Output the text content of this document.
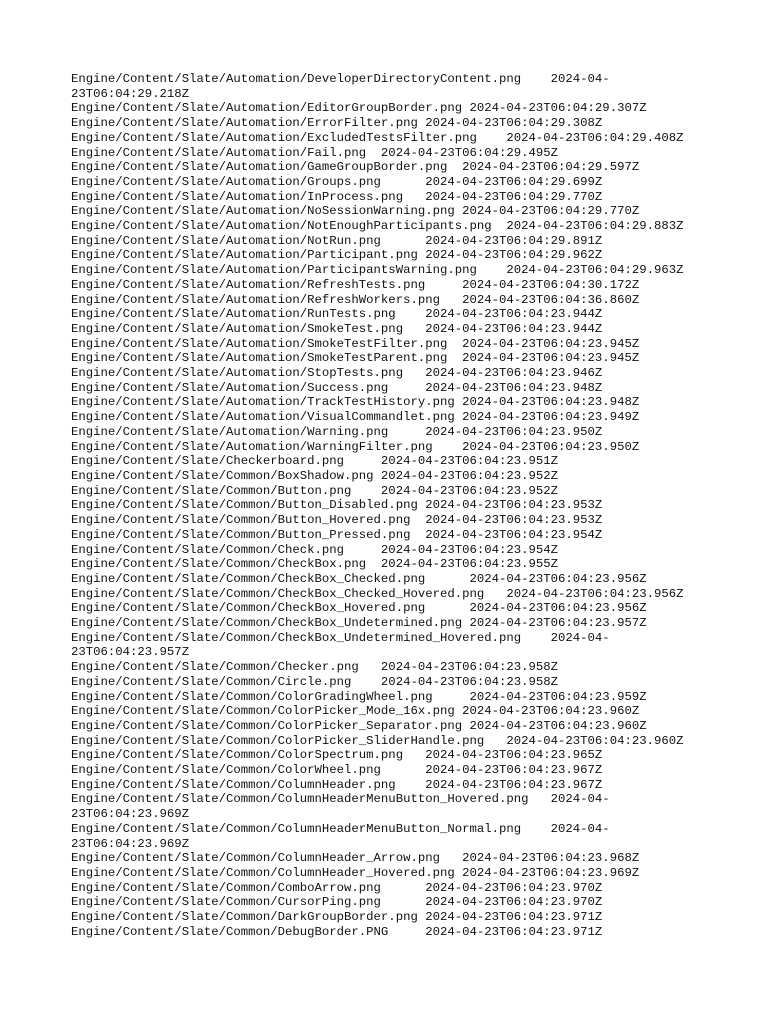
Engine/Content/Slate/Automation/DeveloperDirectoryContent.png    2024-04-
23T06:04:29.218Z
Engine/Content/Slate/Automation/EditorGroupBorder.png 2024-04-23T06:04:29.307Z
Engine/Content/Slate/Automation/ErrorFilter.png 2024-04-23T06:04:29.308Z
Engine/Content/Slate/Automation/ExcludedTestsFilter.png    2024-04-23T06:04:29.408Z
Engine/Content/Slate/Automation/Fail.png  2024-04-23T06:04:29.495Z
Engine/Content/Slate/Automation/GameGroupBorder.png  2024-04-23T06:04:29.597Z
Engine/Content/Slate/Automation/Groups.png      2024-04-23T06:04:29.699Z
Engine/Content/Slate/Automation/InProcess.png   2024-04-23T06:04:29.770Z
Engine/Content/Slate/Automation/NoSessionWarning.png 2024-04-23T06:04:29.770Z
Engine/Content/Slate/Automation/NotEnoughParticipants.png  2024-04-23T06:04:29.883Z
Engine/Content/Slate/Automation/NotRun.png      2024-04-23T06:04:29.891Z
Engine/Content/Slate/Automation/Participant.png 2024-04-23T06:04:29.962Z
Engine/Content/Slate/Automation/ParticipantsWarning.png    2024-04-23T06:04:29.963Z
Engine/Content/Slate/Automation/RefreshTests.png     2024-04-23T06:04:30.172Z
Engine/Content/Slate/Automation/RefreshWorkers.png   2024-04-23T06:04:36.860Z
Engine/Content/Slate/Automation/RunTests.png    2024-04-23T06:04:23.944Z
Engine/Content/Slate/Automation/SmokeTest.png   2024-04-23T06:04:23.944Z
Engine/Content/Slate/Automation/SmokeTestFilter.png  2024-04-23T06:04:23.945Z
Engine/Content/Slate/Automation/SmokeTestParent.png  2024-04-23T06:04:23.945Z
Engine/Content/Slate/Automation/StopTests.png   2024-04-23T06:04:23.946Z
Engine/Content/Slate/Automation/Success.png     2024-04-23T06:04:23.948Z
Engine/Content/Slate/Automation/TrackTestHistory.png 2024-04-23T06:04:23.948Z
Engine/Content/Slate/Automation/VisualCommandlet.png 2024-04-23T06:04:23.949Z
Engine/Content/Slate/Automation/Warning.png     2024-04-23T06:04:23.950Z
Engine/Content/Slate/Automation/WarningFilter.png    2024-04-23T06:04:23.950Z
Engine/Content/Slate/Checkerboard.png     2024-04-23T06:04:23.951Z
Engine/Content/Slate/Common/BoxShadow.png 2024-04-23T06:04:23.952Z
Engine/Content/Slate/Common/Button.png    2024-04-23T06:04:23.952Z
Engine/Content/Slate/Common/Button_Disabled.png 2024-04-23T06:04:23.953Z
Engine/Content/Slate/Common/Button_Hovered.png  2024-04-23T06:04:23.953Z
Engine/Content/Slate/Common/Button_Pressed.png  2024-04-23T06:04:23.954Z
Engine/Content/Slate/Common/Check.png     2024-04-23T06:04:23.954Z
Engine/Content/Slate/Common/CheckBox.png  2024-04-23T06:04:23.955Z
Engine/Content/Slate/Common/CheckBox_Checked.png      2024-04-23T06:04:23.956Z
Engine/Content/Slate/Common/CheckBox_Checked_Hovered.png   2024-04-23T06:04:23.956Z
Engine/Content/Slate/Common/CheckBox_Hovered.png      2024-04-23T06:04:23.956Z
Engine/Content/Slate/Common/CheckBox_Undetermined.png 2024-04-23T06:04:23.957Z
Engine/Content/Slate/Common/CheckBox_Undetermined_Hovered.png    2024-04-
23T06:04:23.957Z
Engine/Content/Slate/Common/Checker.png   2024-04-23T06:04:23.958Z
Engine/Content/Slate/Common/Circle.png    2024-04-23T06:04:23.958Z
Engine/Content/Slate/Common/ColorGradingWheel.png     2024-04-23T06:04:23.959Z
Engine/Content/Slate/Common/ColorPicker_Mode_16x.png 2024-04-23T06:04:23.960Z
Engine/Content/Slate/Common/ColorPicker_Separator.png 2024-04-23T06:04:23.960Z
Engine/Content/Slate/Common/ColorPicker_SliderHandle.png   2024-04-23T06:04:23.960Z
Engine/Content/Slate/Common/ColorSpectrum.png   2024-04-23T06:04:23.965Z
Engine/Content/Slate/Common/ColorWheel.png      2024-04-23T06:04:23.967Z
Engine/Content/Slate/Common/ColumnHeader.png    2024-04-23T06:04:23.967Z
Engine/Content/Slate/Common/ColumnHeaderMenuButton_Hovered.png   2024-04-
23T06:04:23.969Z
Engine/Content/Slate/Common/ColumnHeaderMenuButton_Normal.png    2024-04-
23T06:04:23.969Z
Engine/Content/Slate/Common/ColumnHeader_Arrow.png   2024-04-23T06:04:23.968Z
Engine/Content/Slate/Common/ColumnHeader_Hovered.png 2024-04-23T06:04:23.969Z
Engine/Content/Slate/Common/ComboArrow.png      2024-04-23T06:04:23.970Z
Engine/Content/Slate/Common/CursorPing.png      2024-04-23T06:04:23.970Z
Engine/Content/Slate/Common/DarkGroupBorder.png 2024-04-23T06:04:23.971Z
Engine/Content/Slate/Common/DebugBorder.PNG     2024-04-23T06:04:23.971Z
